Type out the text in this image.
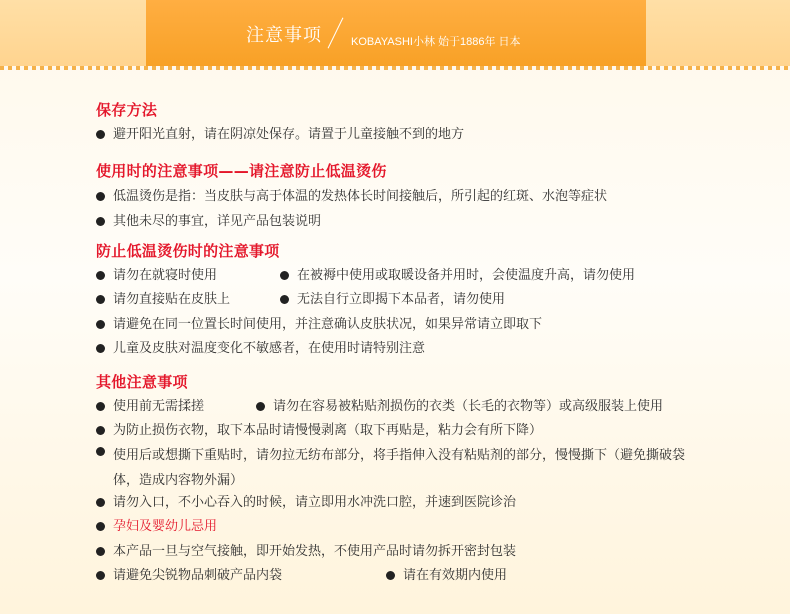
注意事项	KOBAYASHI小林 始于1886年 日本
保存方法
避开阳光直射，请在阴凉处保存。请置于儿童接触不到的地方
使用时的注意事项——请注意防止低温烫伤
低温烫伤是指：当皮肤与高于体温的发热体长时间接触后，所引起的红斑、水泡等症状
其他未尽的事宜，详见产品包装说明
防止低温烫伤时的注意事项
请勿在就寝时使用	在被褥中使用或取暖设备并用时，会使温度升高，请勿使用
请勿直接贴在皮肤上	无法自行立即揭下本品者，请勿使用
请避免在同一位置长时间使用，并注意确认皮肤状况，如果异常请立即取下
儿童及皮肤对温度变化不敏感者，在使用时请特别注意
其他注意事项
使用前无需揉搓	请勿在容易被粘贴剂损伤的衣类（长毛的衣物等）或高级服装上使用
为防止损伤衣物，取下本品时请慢慢剥离（取下再贴是，粘力会有所下降）
使用后或想撕下重贴时，请勿拉无纺布部分，将手指伸入没有粘贴剂的部分，慢慢撕下（避免撕破袋体，造成内容物外漏）
请勿入口，不小心吞入的时候，请立即用水冲洗口腔，并速到医院诊治
孕妇及婴幼儿忌用
本产品一旦与空气接触，即开始发热，不使用产品时请勿拆开密封包装
请避免尖锐物品刺破产品内袋	请在有效期内使用
